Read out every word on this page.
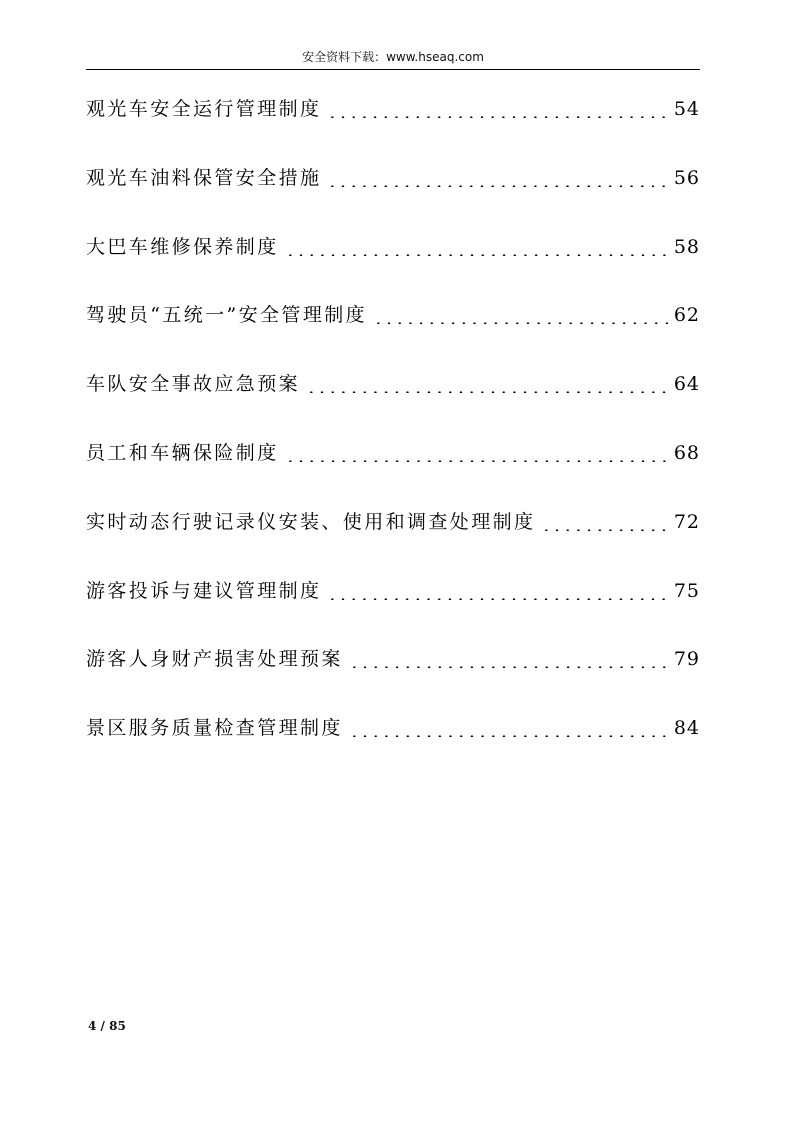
安全资料下载：www.hseaq.com
观光车安全运行管理制度	54
观光车油料保管安全措施	56
大巴车维修保养制度	58
驾驶员“五统一”安全管理制度	62
车队安全事故应急预案	64
员工和车辆保险制度	68
实时动态行驶记录仪安装、使用和调查处理制度	72
游客投诉与建议管理制度	75
游客人身财产损害处理预案	79
景区服务质量检查管理制度	84
4 / 85
